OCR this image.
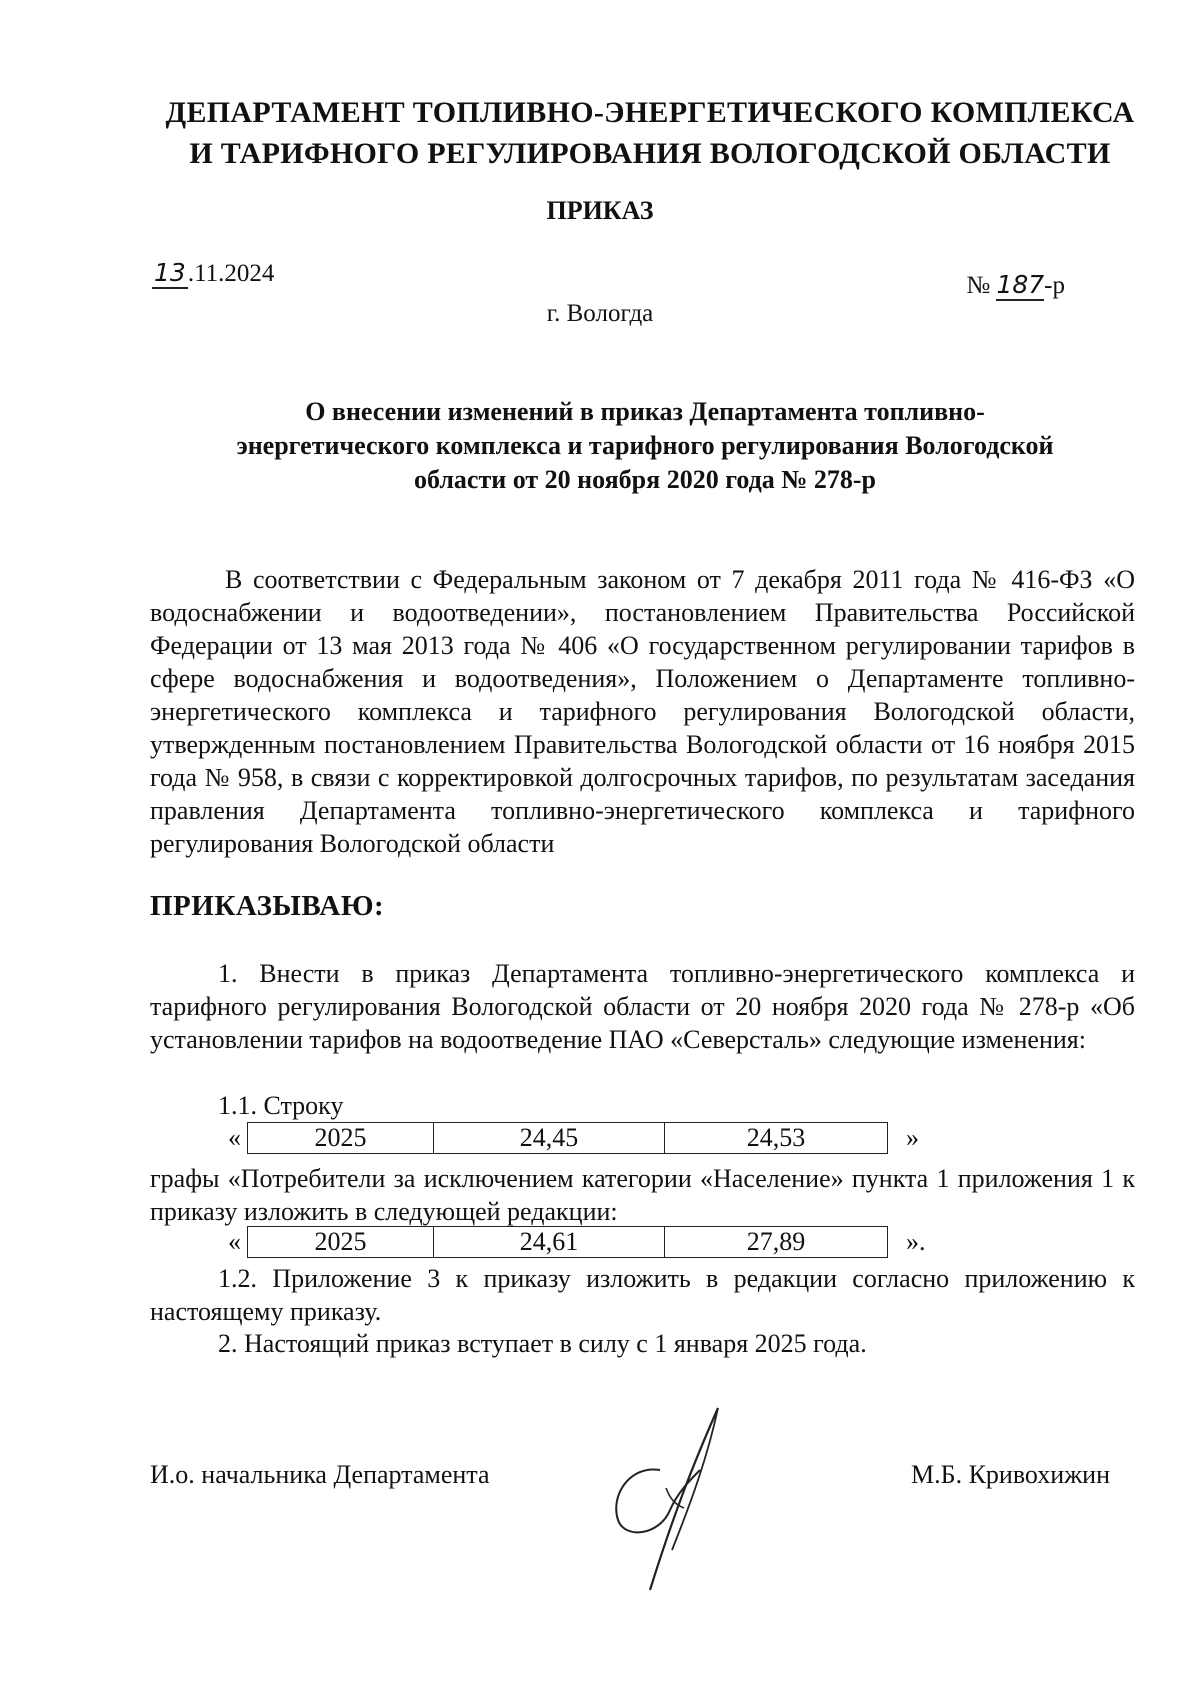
ДЕПАРТАМЕНТ ТОПЛИВНО-ЭНЕРГЕТИЧЕСКОГО КОМПЛЕКСА
И ТАРИФНОГО РЕГУЛИРОВАНИЯ ВОЛОГОДСКОЙ ОБЛАСТИ
ПРИКАЗ
13.11.2024	№ 187-р
г. Вологда
О внесении изменений в приказ Департамента топливно-
энергетического комплекса и тарифного регулирования Вологодской
области от 20 ноября 2020 года № 278-р
В соответствии с Федеральным законом от 7 декабря 2011 года № 416-ФЗ «О водоснабжении и водоотведении», постановлением Правительства Российской Федерации от 13 мая 2013 года № 406 «О государственном регулировании тарифов в сфере водоснабжения и водоотведения», Положением о Департаменте топливно-энергетического комплекса и тарифного регулирования Вологодской области, утвержденным постановлением Правительства Вологодской области от 16 ноября 2015 года № 958, в связи с корректировкой долгосрочных тарифов, по результатам заседания правления Департамента топливно-энергетического комплекса и тарифного регулирования Вологодской области
ПРИКАЗЫВАЮ:
1. Внести в приказ Департамента топливно-энергетического комплекса и тарифного регулирования Вологодской области от 20 ноября 2020 года № 278-р «Об установлении тарифов на водоотведение ПАО «Северсталь» следующие изменения:
1.1. Строку
«	2025	24,45	24,53	»
графы «Потребители за исключением категории «Население» пункта 1 приложения 1 к приказу изложить в следующей редакции:
«	2025	24,61	27,89	».
1.2. Приложение 3 к приказу изложить в редакции согласно приложению к настоящему приказу.
2. Настоящий приказ вступает в силу с 1 января 2025 года.
И.о. начальника Департамента	М.Б. Кривохижин
